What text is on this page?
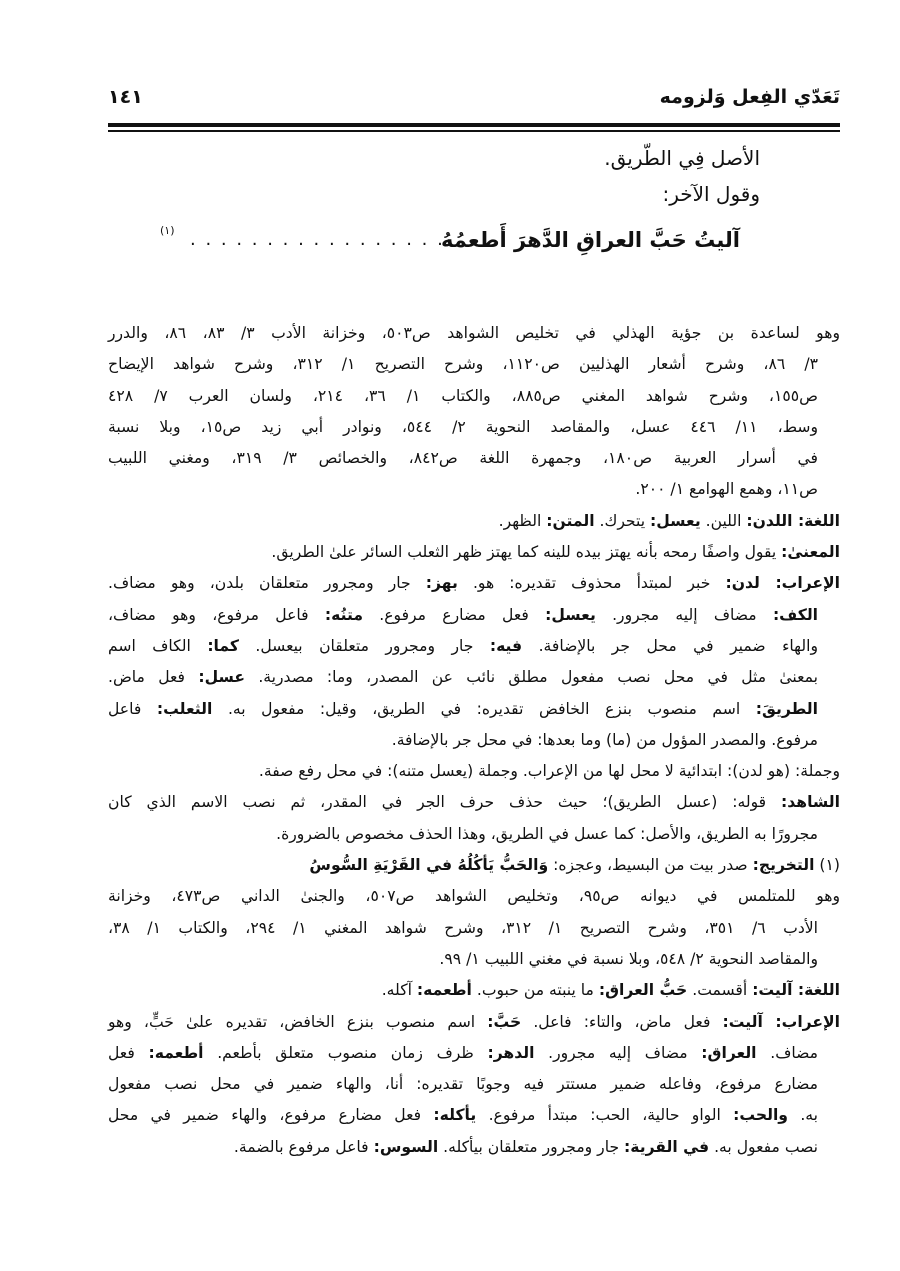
تَعَدّي الفِعل وَلزومه
١٤١
الأصل فِي الطّريق.
وقول الآخر:
آليتُ حَبَّ العراقِ الدَّهرَ أَطعمُهُ
. . . . . . . . . . . . . . . . .
(١)
وهو لساعدة بن جؤية الهذلي في تخليص الشواهد ص٥٠٣، وخزانة الأدب ٣/ ٨٣، ٨٦، والدرر
٣/ ٨٦، وشرح أشعار الهذليين ص١١٢٠، وشرح التصريح ١/ ٣١٢، وشرح شواهد الإيضاح
ص١٥٥، وشرح شواهد المغني ص٨٨٥، والكتاب ١/ ٣٦، ٢١٤، ولسان العرب ٧/ ٤٢٨
وسط، ١١/ ٤٤٦ عسل، والمقاصد النحوية ٢/ ٥٤٤، ونوادر أبي زيد ص١٥، وبلا نسبة
في أسرار العربية ص١٨٠، وجمهرة اللغة ص٨٤٢، والخصائص ٣/ ٣١٩، ومغني اللبيب
ص١١، وهمع الهوامع ١/ ٢٠٠.
اللغة: اللدن: اللين. يعسل: يتحرك. المتن: الظهر.
المعنىٰ: يقول واصفًا رمحه بأنه يهتز بيده للينه كما يهتز ظهر الثعلب السائر علىٰ الطريق.
الإعراب: لدن: خبر لمبتدأ محذوف تقديره: هو. بهز: جار ومجرور متعلقان بلدن، وهو مضاف.
الكف: مضاف إليه مجرور. يعسل: فعل مضارع مرفوع. متنُه: فاعل مرفوع، وهو مضاف،
والهاء ضمير في محل جر بالإضافة. فيه: جار ومجرور متعلقان بيعسل. كما: الكاف اسم
بمعنىٰ مثل في محل نصب مفعول مطلق نائب عن المصدر، وما: مصدرية. عسل: فعل ماض.
الطريقَ: اسم منصوب بنزع الخافض تقديره: في الطريق، وقيل: مفعول به. الثعلب: فاعل
مرفوع. والمصدر المؤول من (ما) وما بعدها: في محل جر بالإضافة.
وجملة: (هو لدن): ابتدائية لا محل لها من الإعراب. وجملة (يعسل متنه): في محل رفع صفة.
الشاهد: قوله: (عسل الطريق)؛ حيث حذف حرف الجر في المقدر، ثم نصب الاسم الذي كان
مجرورًا به الطريق، والأصل: كما عسل في الطريق، وهذا الحذف مخصوص بالضرورة.
(١) التخريج: صدر بيت من البسيط، وعجزه: وَالحَبُّ يَأكُلُهُ في القَرْيَةِ السُّوسُ
وهو للمتلمس في ديوانه ص٩٥، وتخليص الشواهد ص٥٠٧، والجنىٰ الداني ص٤٧٣، وخزانة
الأدب ٦/ ٣٥١، وشرح التصريح ١/ ٣١٢، وشرح شواهد المغني ١/ ٢٩٤، والكتاب ١/ ٣٨،
والمقاصد النحوية ٢/ ٥٤٨، وبلا نسبة في مغني اللبيب ١/ ٩٩.
اللغة: آليت: أقسمت. حَبُّ العراق: ما ينبته من حبوب. أطعمه: آكله.
الإعراب: آليت: فعل ماض، والتاء: فاعل. حَبَّ: اسم منصوب بنزع الخافض، تقديره علىٰ حَبٍّ، وهو
مضاف. العراق: مضاف إليه مجرور. الدهر: ظرف زمان منصوب متعلق بأطعم. أطعمه: فعل
مضارع مرفوع، وفاعله ضمير مستتر فيه وجوبًا تقديره: أنا، والهاء ضمير في محل نصب مفعول
به. والحب: الواو حالية، الحب: مبتدأ مرفوع. يأكله: فعل مضارع مرفوع، والهاء ضمير في محل
نصب مفعول به. في القرية: جار ومجرور متعلقان بيأكله. السوس: فاعل مرفوع بالضمة.
